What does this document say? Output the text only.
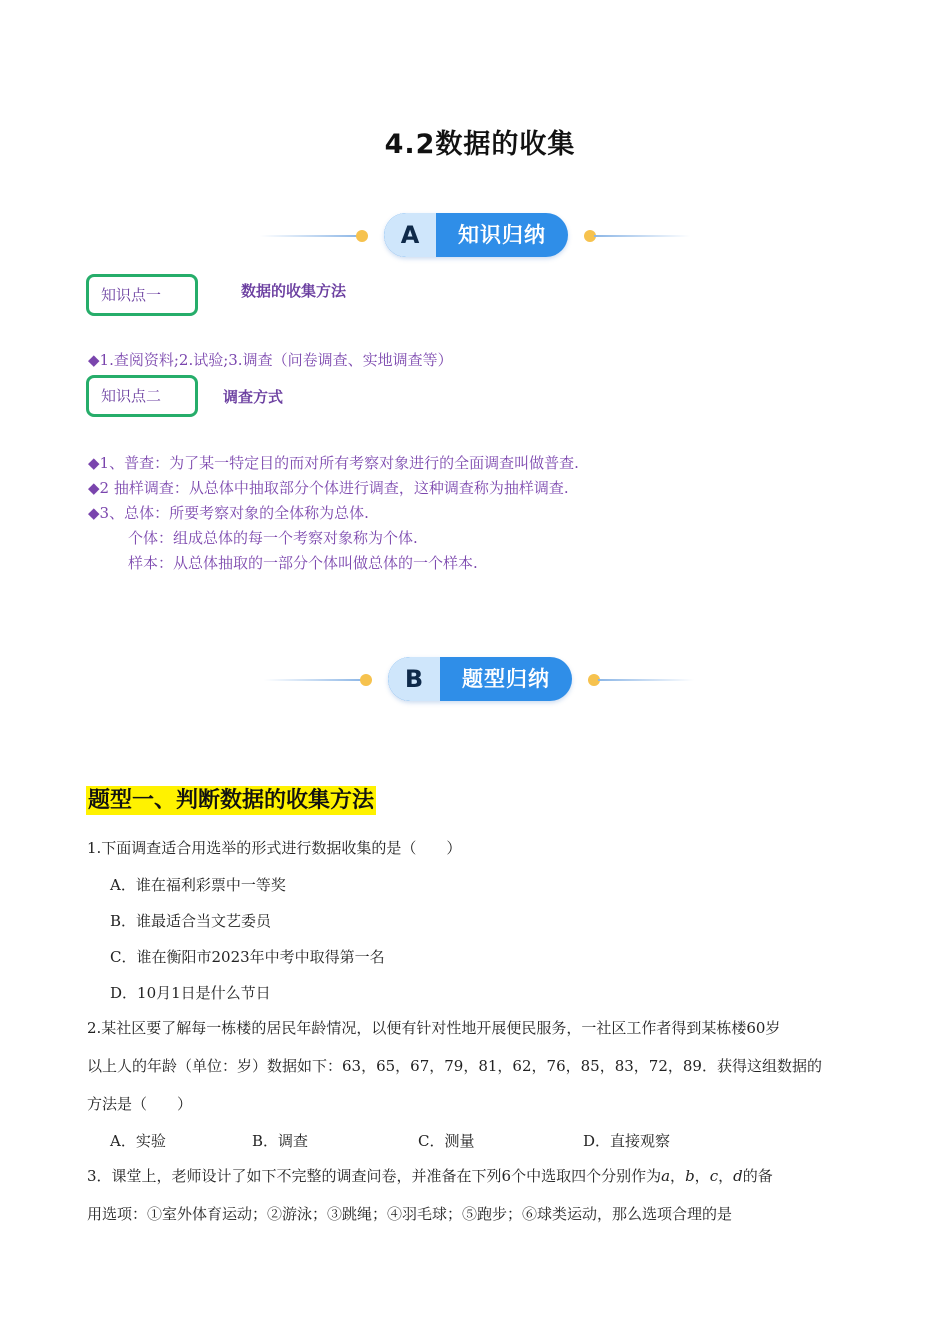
4.2数据的收集
A	知识归纳
知识点一	数据的收集方法
◆1.查阅资料;2.试验;3.调查（问卷调查、实地调查等）
知识点二	调查方式
◆1、普查：为了某一特定目的而对所有考察对象进行的全面调查叫做普查.
◆2 抽样调查：从总体中抽取部分个体进行调查，这种调查称为抽样调查.
◆3、总体：所要考察对象的全体称为总体.
个体：组成总体的每一个考察对象称为个体.
样本：从总体抽取的一部分个体叫做总体的一个样本.
B	题型归纳
题型一、判断数据的收集方法
1.下面调查适合用选举的形式进行数据收集的是（　　）
A．谁在福利彩票中一等奖
B．谁最适合当文艺委员
C．谁在衡阳市2023年中考中取得第一名
D．10月1日是什么节日
2.某社区要了解每一栋楼的居民年龄情况，以便有针对性地开展便民服务，一社区工作者得到某栋楼60岁
以上人的年龄（单位：岁）数据如下：63，65，67，79，81，62，76，85，83，72，89．获得这组数据的
方法是（　　）
A．实验	B．调查	C．测量	D．直接观察
3．课堂上，老师设计了如下不完整的调查问卷，并准备在下列6个中选取四个分别作为a，b，c，d的备
用选项：①室外体育运动；②游泳；③跳绳；④羽毛球；⑤跑步；⑥球类运动，那么选项合理的是
